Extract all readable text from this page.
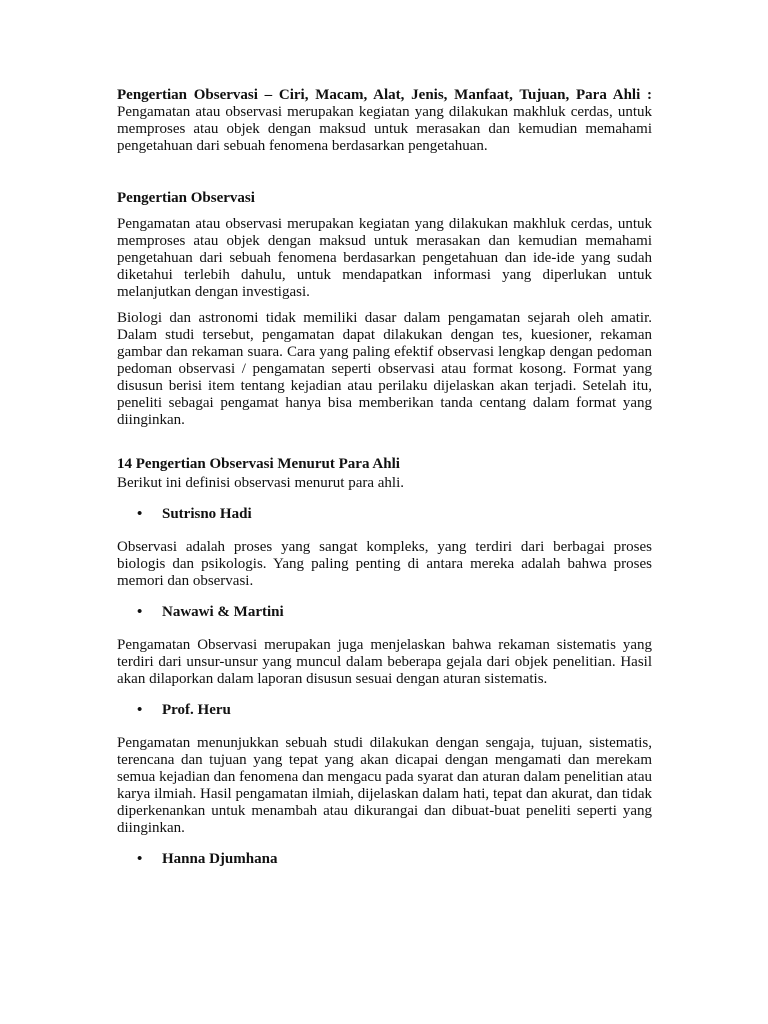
Pengertian Observasi – Ciri, Macam, Alat, Jenis, Manfaat, Tujuan, Para Ahli : Pengamatan atau observasi merupakan kegiatan yang dilakukan makhluk cerdas, untuk memproses atau objek dengan maksud untuk merasakan dan kemudian memahami pengetahuan dari sebuah fenomena berdasarkan pengetahuan.

Pengertian Observasi

Pengamatan atau observasi merupakan kegiatan yang dilakukan makhluk cerdas, untuk memproses atau objek dengan maksud untuk merasakan dan kemudian memahami pengetahuan dari sebuah fenomena berdasarkan pengetahuan dan ide-ide yang sudah diketahui terlebih dahulu, untuk mendapatkan informasi yang diperlukan untuk melanjutkan dengan investigasi.

Biologi dan astronomi tidak memiliki dasar dalam pengamatan sejarah oleh amatir. Dalam studi tersebut, pengamatan dapat dilakukan dengan tes, kuesioner, rekaman gambar dan rekaman suara. Cara yang paling efektif observasi lengkap dengan pedoman pedoman observasi / pengamatan seperti observasi atau format kosong. Format yang disusun berisi item tentang kejadian atau perilaku dijelaskan akan terjadi. Setelah itu, peneliti sebagai pengamat hanya bisa memberikan tanda centang dalam format yang diinginkan.

14 Pengertian Observasi Menurut Para Ahli

Berikut ini definisi observasi menurut para ahli.

•	Sutrisno Hadi

Observasi adalah proses yang sangat kompleks, yang terdiri dari berbagai proses biologis dan psikologis. Yang paling penting di antara mereka adalah bahwa proses memori dan observasi.

•	Nawawi & Martini

Pengamatan Observasi merupakan juga menjelaskan bahwa rekaman sistematis yang terdiri dari unsur-unsur yang muncul dalam beberapa gejala dari objek penelitian. Hasil akan dilaporkan dalam laporan disusun sesuai dengan aturan sistematis.

•	Prof. Heru

Pengamatan menunjukkan sebuah studi dilakukan dengan sengaja, tujuan, sistematis, terencana dan tujuan yang tepat yang akan dicapai dengan mengamati dan merekam semua kejadian dan fenomena dan mengacu pada syarat dan aturan dalam penelitian atau karya ilmiah. Hasil pengamatan ilmiah, dijelaskan dalam hati, tepat dan akurat, dan tidak diperkenankan untuk menambah atau dikurangai dan dibuat-buat peneliti seperti yang diinginkan.

•	Hanna Djumhana
